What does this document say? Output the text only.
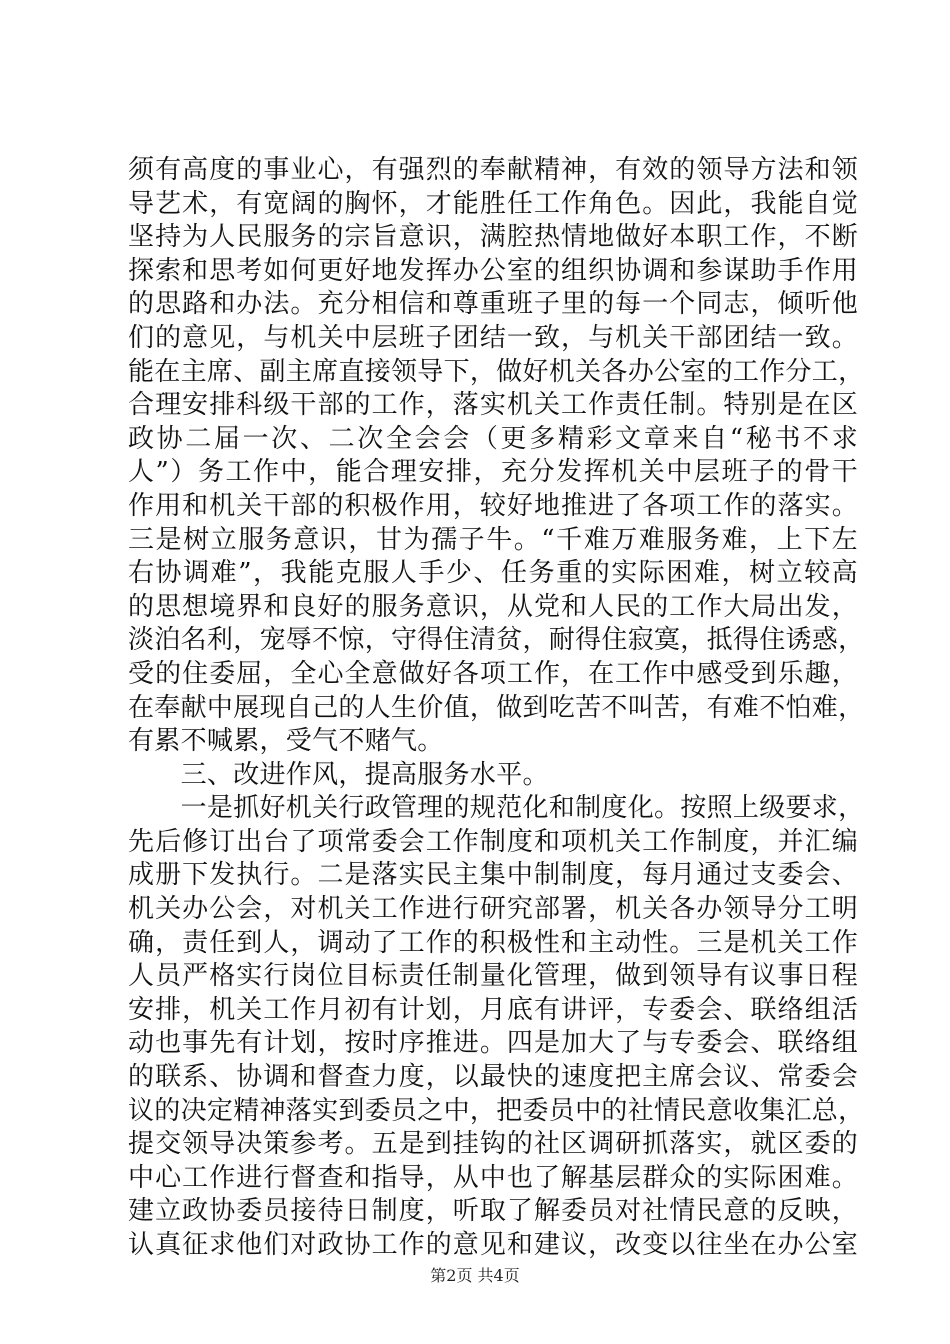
须有高度的事业心，有强烈的奉献精神，有效的领导方法和领
导艺术，有宽阔的胸怀，才能胜任工作角色。因此，我能自觉
坚持为人民服务的宗旨意识，满腔热情地做好本职工作，不断
探索和思考如何更好地发挥办公室的组织协调和参谋助手作用
的思路和办法。充分相信和尊重班子里的每一个同志，倾听他
们的意见，与机关中层班子团结一致，与机关干部团结一致。
能在主席、副主席直接领导下，做好机关各办公室的工作分工，
合理安排科级干部的工作，落实机关工作责任制。特别是在区
政协二届一次、二次全会会（更多精彩文章来自“秘书不求
人”）务工作中，能合理安排，充分发挥机关中层班子的骨干
作用和机关干部的积极作用，较好地推进了各项工作的落实。
三是树立服务意识，甘为孺子牛。“千难万难服务难，上下左
右协调难”，我能克服人手少、任务重的实际困难，树立较高
的思想境界和良好的服务意识，从党和人民的工作大局出发，
淡泊名利，宠辱不惊，守得住清贫，耐得住寂寞，抵得住诱惑，
受的住委屈，全心全意做好各项工作，在工作中感受到乐趣，
在奉献中展现自己的人生价值，做到吃苦不叫苦，有难不怕难，
有累不喊累，受气不赌气。
　　三、改进作风，提高服务水平。
　　一是抓好机关行政管理的规范化和制度化。按照上级要求，
先后修订出台了项常委会工作制度和项机关工作制度，并汇编
成册下发执行。二是落实民主集中制制度，每月通过支委会、
机关办公会，对机关工作进行研究部署，机关各办领导分工明
确，责任到人，调动了工作的积极性和主动性。三是机关工作
人员严格实行岗位目标责任制量化管理，做到领导有议事日程
安排，机关工作月初有计划，月底有讲评，专委会、联络组活
动也事先有计划，按时序推进。四是加大了与专委会、联络组
的联系、协调和督查力度，以最快的速度把主席会议、常委会
议的决定精神落实到委员之中，把委员中的社情民意收集汇总，
提交领导决策参考。五是到挂钩的社区调研抓落实，就区委的
中心工作进行督查和指导，从中也了解基层群众的实际困难。
建立政协委员接待日制度，听取了解委员对社情民意的反映，
认真征求他们对政协工作的意见和建议，改变以往坐在办公室
第2页 共4页
